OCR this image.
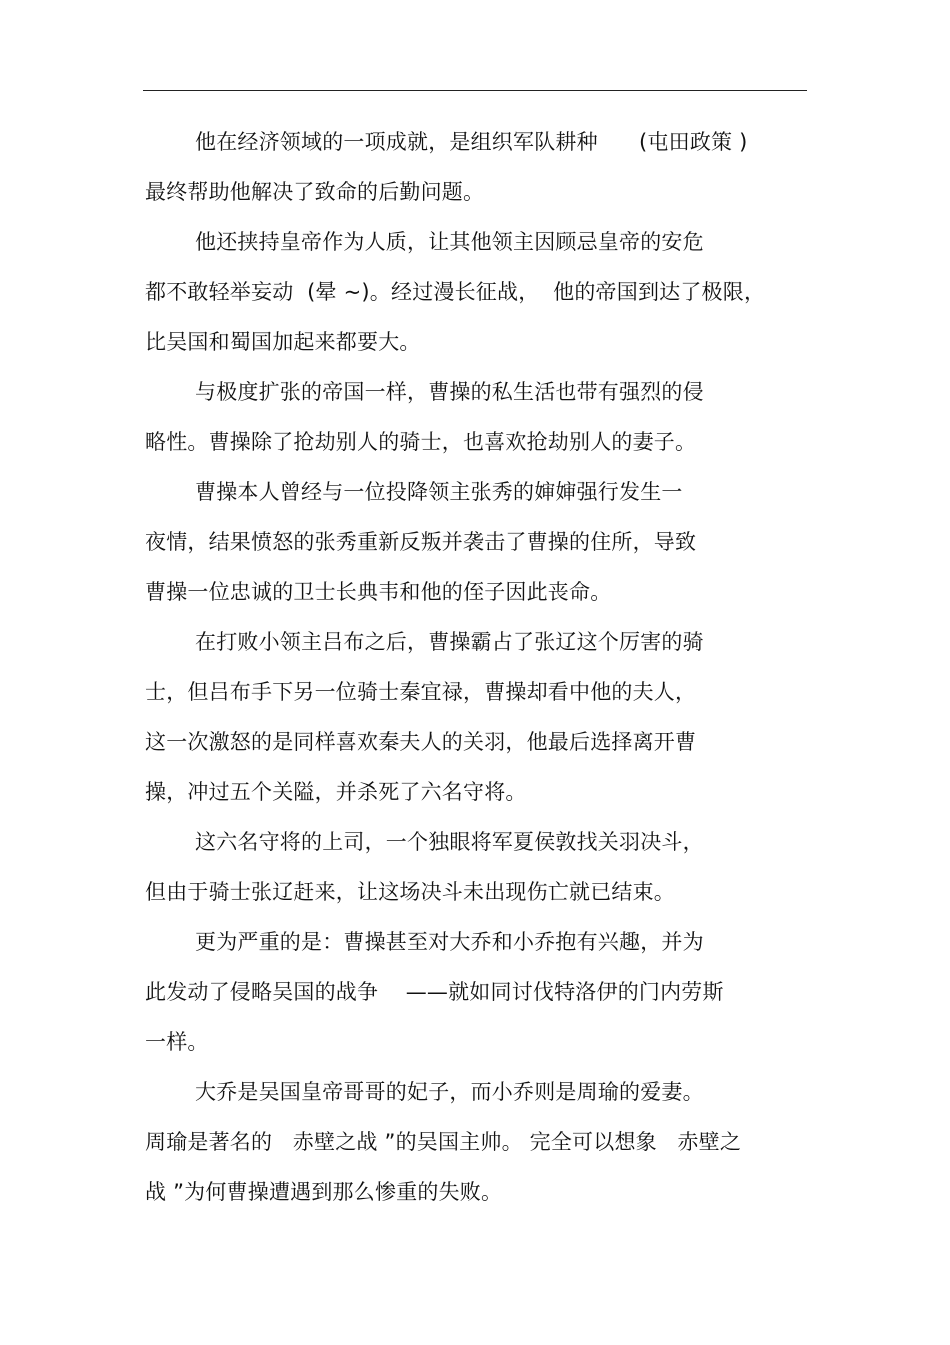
他在经济领域的一项成就，是组织军队耕种      (屯田政策 )
最终帮助他解决了致命的后勤问题。
他还挟持皇帝作为人质，让其他领主因顾忌皇帝的安危
都不敢轻举妄动  (晕 ~)。经过漫长征战，  他的帝国到达了极限，
比吴国和蜀国加起来都要大。
与极度扩张的帝国一样，曹操的私生活也带有强烈的侵
略性。曹操除了抢劫别人的骑士，也喜欢抢劫别人的妻子。
曹操本人曾经与一位投降领主张秀的婶婶强行发生一
夜情，结果愤怒的张秀重新反叛并袭击了曹操的住所，导致
曹操一位忠诚的卫士长典韦和他的侄子因此丧命。
在打败小领主吕布之后，曹操霸占了张辽这个厉害的骑
士，但吕布手下另一位骑士秦宜禄，曹操却看中他的夫人，
这一次激怒的是同样喜欢秦夫人的关羽，他最后选择离开曹
操，冲过五个关隘，并杀死了六名守将。
这六名守将的上司，一个独眼将军夏侯敦找关羽决斗，
但由于骑士张辽赶来，让这场决斗未出现伤亡就已结束。
更为严重的是：曹操甚至对大乔和小乔抱有兴趣，并为
此发动了侵略吴国的战争    ——就如同讨伐特洛伊的门内劳斯
一样。
大乔是吴国皇帝哥哥的妃子，而小乔则是周瑜的爱妻。
周瑜是著名的   赤壁之战 ”的吴国主帅。 完全可以想象   赤壁之
战 ”为何曹操遭遇到那么惨重的失败。
